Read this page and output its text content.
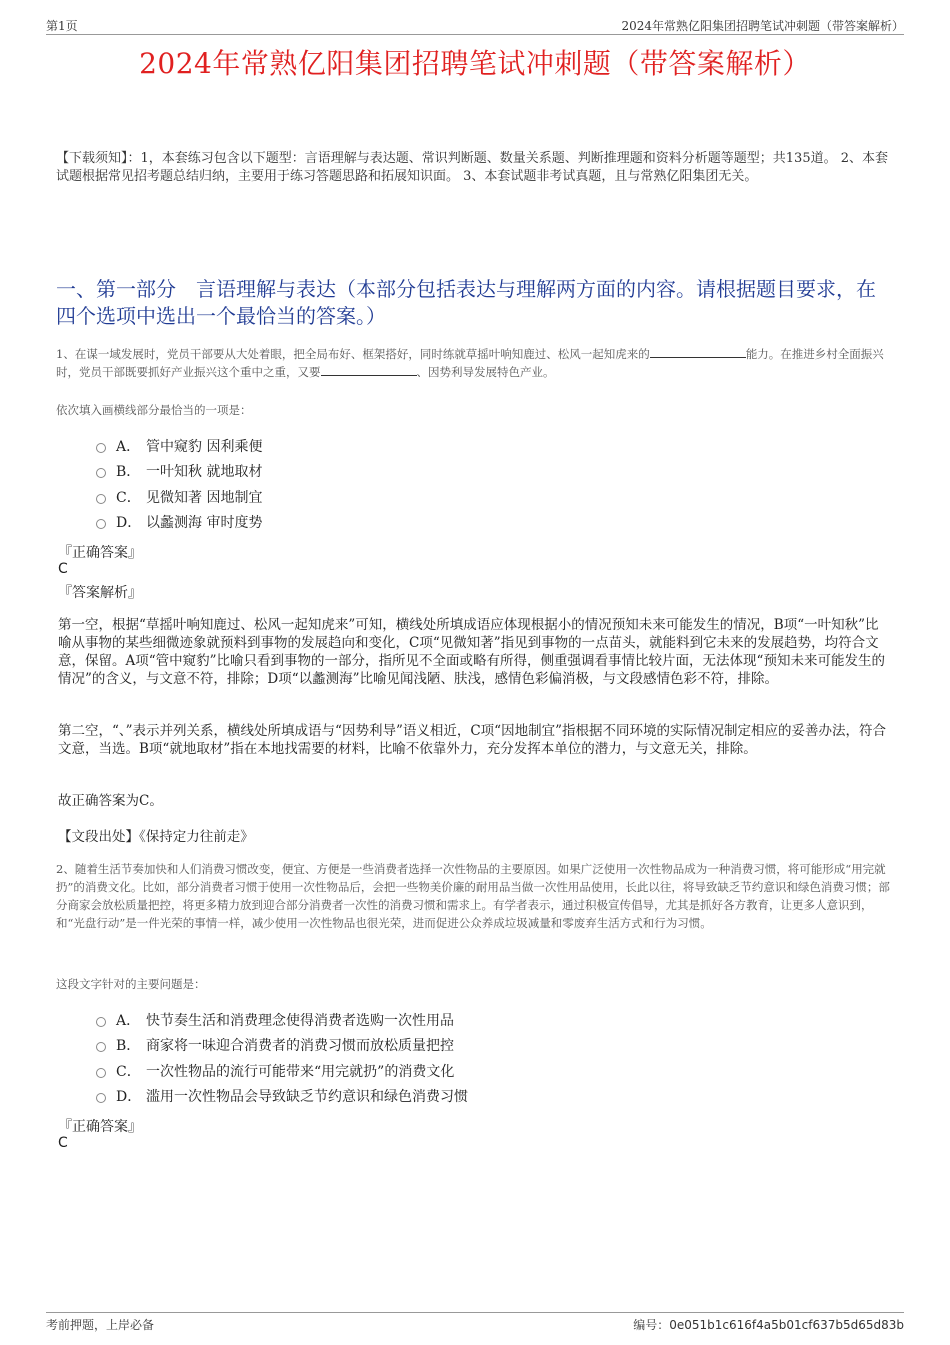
第1页	2024年常熟亿阳集团招聘笔试冲刺题（带答案解析）
2024年常熟亿阳集团招聘笔试冲刺题（带答案解析）
【下载须知】：1，本套练习包含以下题型：言语理解与表达题、常识判断题、数量关系题、判断推理题和资料分析题等题型；共135道。 2、本套试题根据常见招考题总结归纳，主要用于练习答题思路和拓展知识面。 3、本套试题非考试真题，且与常熟亿阳集团无关。
一、第一部分　言语理解与表达（本部分包括表达与理解两方面的内容。请根据题目要求，在四个选项中选出一个最恰当的答案。）
1、在谋一域发展时，党员干部要从大处着眼，把全局布好、框架搭好，同时练就草摇叶响知鹿过、松风一起知虎来的	能力。在推进乡村全面振兴时，党员干部既要抓好产业振兴这个重中之重，又要	、因势利导发展特色产业。
依次填入画横线部分最恰当的一项是：
A． 管中窥豹 因利乘便
B． 一叶知秋 就地取材
C． 见微知著 因地制宜
D． 以蠡测海 审时度势
『正确答案』
C
『答案解析』
第一空，根据“草摇叶响知鹿过、松风一起知虎来”可知，横线处所填成语应体现根据小的情况预知未来可能发生的情况，B项“一叶知秋”比喻从事物的某些细微迹象就预料到事物的发展趋向和变化，C项“见微知著”指见到事物的一点苗头，就能料到它未来的发展趋势，均符合文意，保留。A项“管中窥豹”比喻只看到事物的一部分，指所见不全面或略有所得，侧重强调看事情比较片面，无法体现“预知未来可能发生的情况”的含义，与文意不符，排除；D项“以蠡测海”比喻见闻浅陋、肤浅，感情色彩偏消极，与文段感情色彩不符，排除。
第二空，“、”表示并列关系，横线处所填成语与“因势利导”语义相近，C项“因地制宜”指根据不同环境的实际情况制定相应的妥善办法，符合文意，当选。B项“就地取材”指在本地找需要的材料，比喻不依靠外力，充分发挥本单位的潜力，与文意无关，排除。
故正确答案为C。
【文段出处】《保持定力往前走》
2、随着生活节奏加快和人们消费习惯改变，便宜、方便是一些消费者选择一次性物品的主要原因。如果广泛使用一次性物品成为一种消费习惯，将可能形成“用完就扔”的消费文化。比如，部分消费者习惯于使用一次性物品后，会把一些物美价廉的耐用品当做一次性用品使用，长此以往，将导致缺乏节约意识和绿色消费习惯；部分商家会放松质量把控，将更多精力放到迎合部分消费者一次性的消费习惯和需求上。有学者表示，通过积极宣传倡导，尤其是抓好各方教育，让更多人意识到，和“光盘行动”是一件光荣的事情一样，减少使用一次性物品也很光荣，进而促进公众养成垃圾减量和零废弃生活方式和行为习惯。
这段文字针对的主要问题是：
A． 快节奏生活和消费理念使得消费者选购一次性用品
B． 商家将一味迎合消费者的消费习惯而放松质量把控
C． 一次性物品的流行可能带来“用完就扔”的消费文化
D． 滥用一次性物品会导致缺乏节约意识和绿色消费习惯
『正确答案』
C
考前押题，上岸必备	编号：0e051b1c616f4a5b01cf637b5d65d83b
